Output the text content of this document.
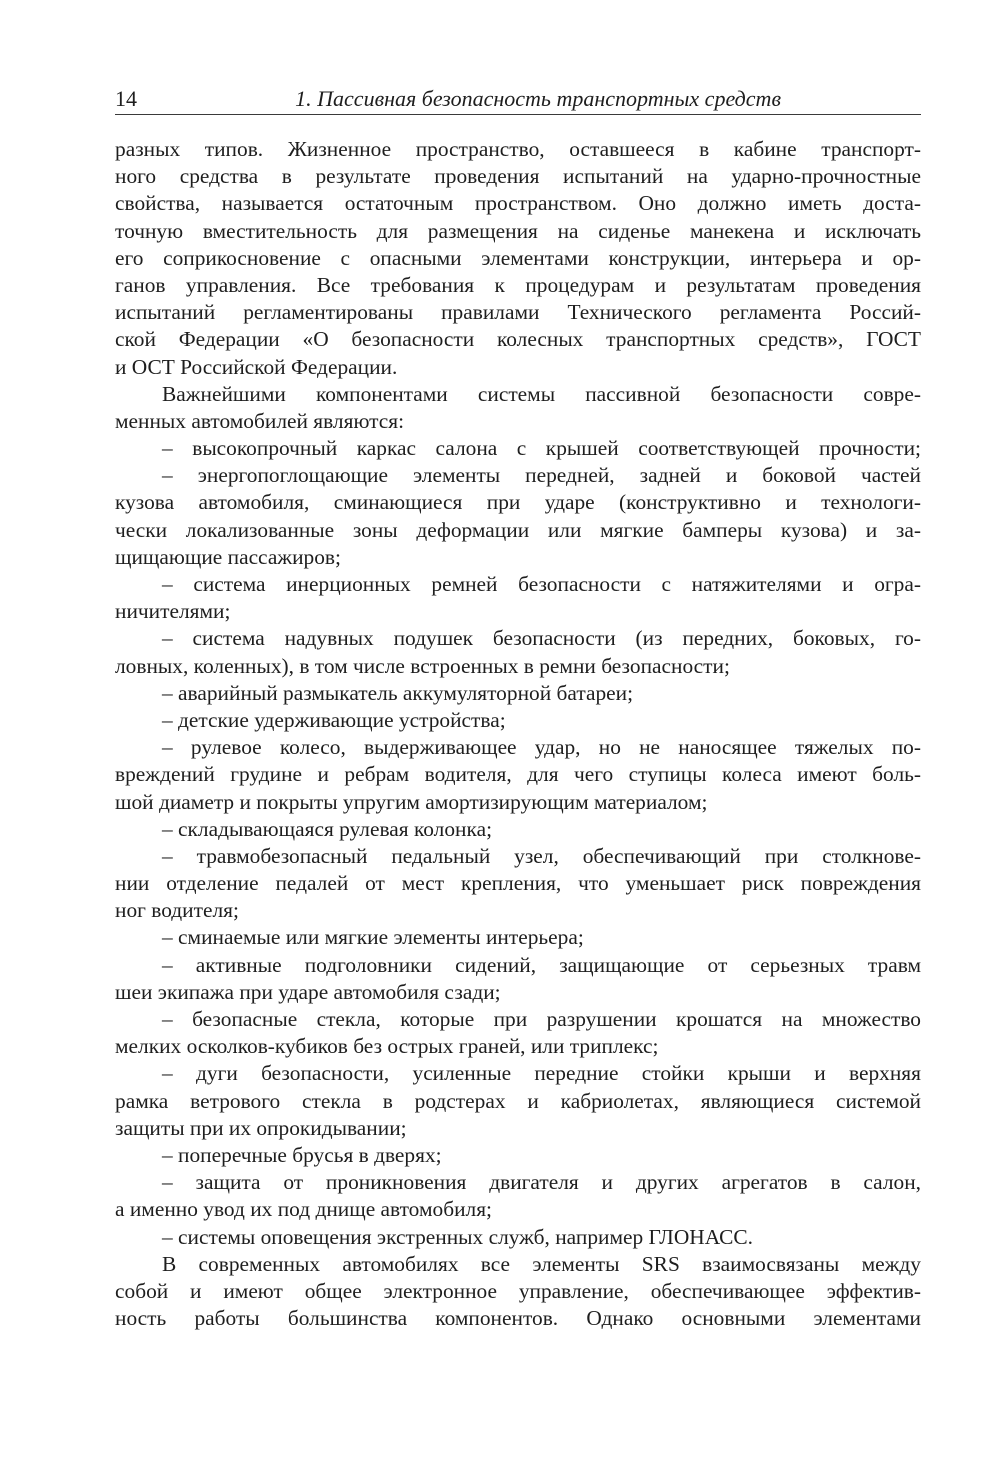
14	1. Пассивная безопасность транспортных средств
разных типов. Жизненное пространство, оставшееся в кабине транспорт-
ного средства в результате проведения испытаний на ударно-прочностные
свойства, называется остаточным пространством. Оно должно иметь доста-
точную вместительность для размещения на сиденье манекена и исключать
его соприкосновение с опасными элементами конструкции, интерьера и ор-
ганов управления. Все требования к процедурам и результатам проведения
испытаний регламентированы правилами Технического регламента Россий-
ской Федерации «О безопасности колесных транспортных средств», ГОСТ
и ОСТ Российской Федерации.
Важнейшими компонентами системы пассивной безопасности совре-
менных автомобилей являются:
– высокопрочный каркас салона с крышей соответствующей прочности;
– энергопоглощающие элементы передней, задней и боковой частей
кузова автомобиля, сминающиеся при ударе (конструктивно и технологи-
чески локализованные зоны деформации или мягкие бамперы кузова) и за-
щищающие пассажиров;
– система инерционных ремней безопасности с натяжителями и огра-
ничителями;
– система надувных подушек безопасности (из передних, боковых, го-
ловных, коленных), в том числе встроенных в ремни безопасности;
– аварийный размыкатель аккумуляторной батареи;
– детские удерживающие устройства;
– рулевое колесо, выдерживающее удар, но не наносящее тяжелых по-
вреждений грудине и ребрам водителя, для чего ступицы колеса имеют боль-
шой диаметр и покрыты упругим амортизирующим материалом;
– складывающаяся рулевая колонка;
– травмобезопасный педальный узел, обеспечивающий при столкнове-
нии отделение педалей от мест крепления, что уменьшает риск повреждения
ног водителя;
– сминаемые или мягкие элементы интерьера;
– активные подголовники сидений, защищающие от серьезных травм
шеи экипажа при ударе автомобиля сзади;
– безопасные стекла, которые при разрушении крошатся на множество
мелких осколков-кубиков без острых граней, или триплекс;
– дуги безопасности, усиленные передние стойки крыши и верхняя
рамка ветрового стекла в родстерах и кабриолетах, являющиеся системой
защиты при их опрокидывании;
– поперечные брусья в дверях;
– защита от проникновения двигателя и других агрегатов в салон,
а именно увод их под днище автомобиля;
– системы оповещения экстренных служб, например ГЛОНАСС.
В современных автомобилях все элементы SRS взаимосвязаны между
собой и имеют общее электронное управление, обеспечивающее эффектив-
ность работы большинства компонентов. Однако основными элементами
